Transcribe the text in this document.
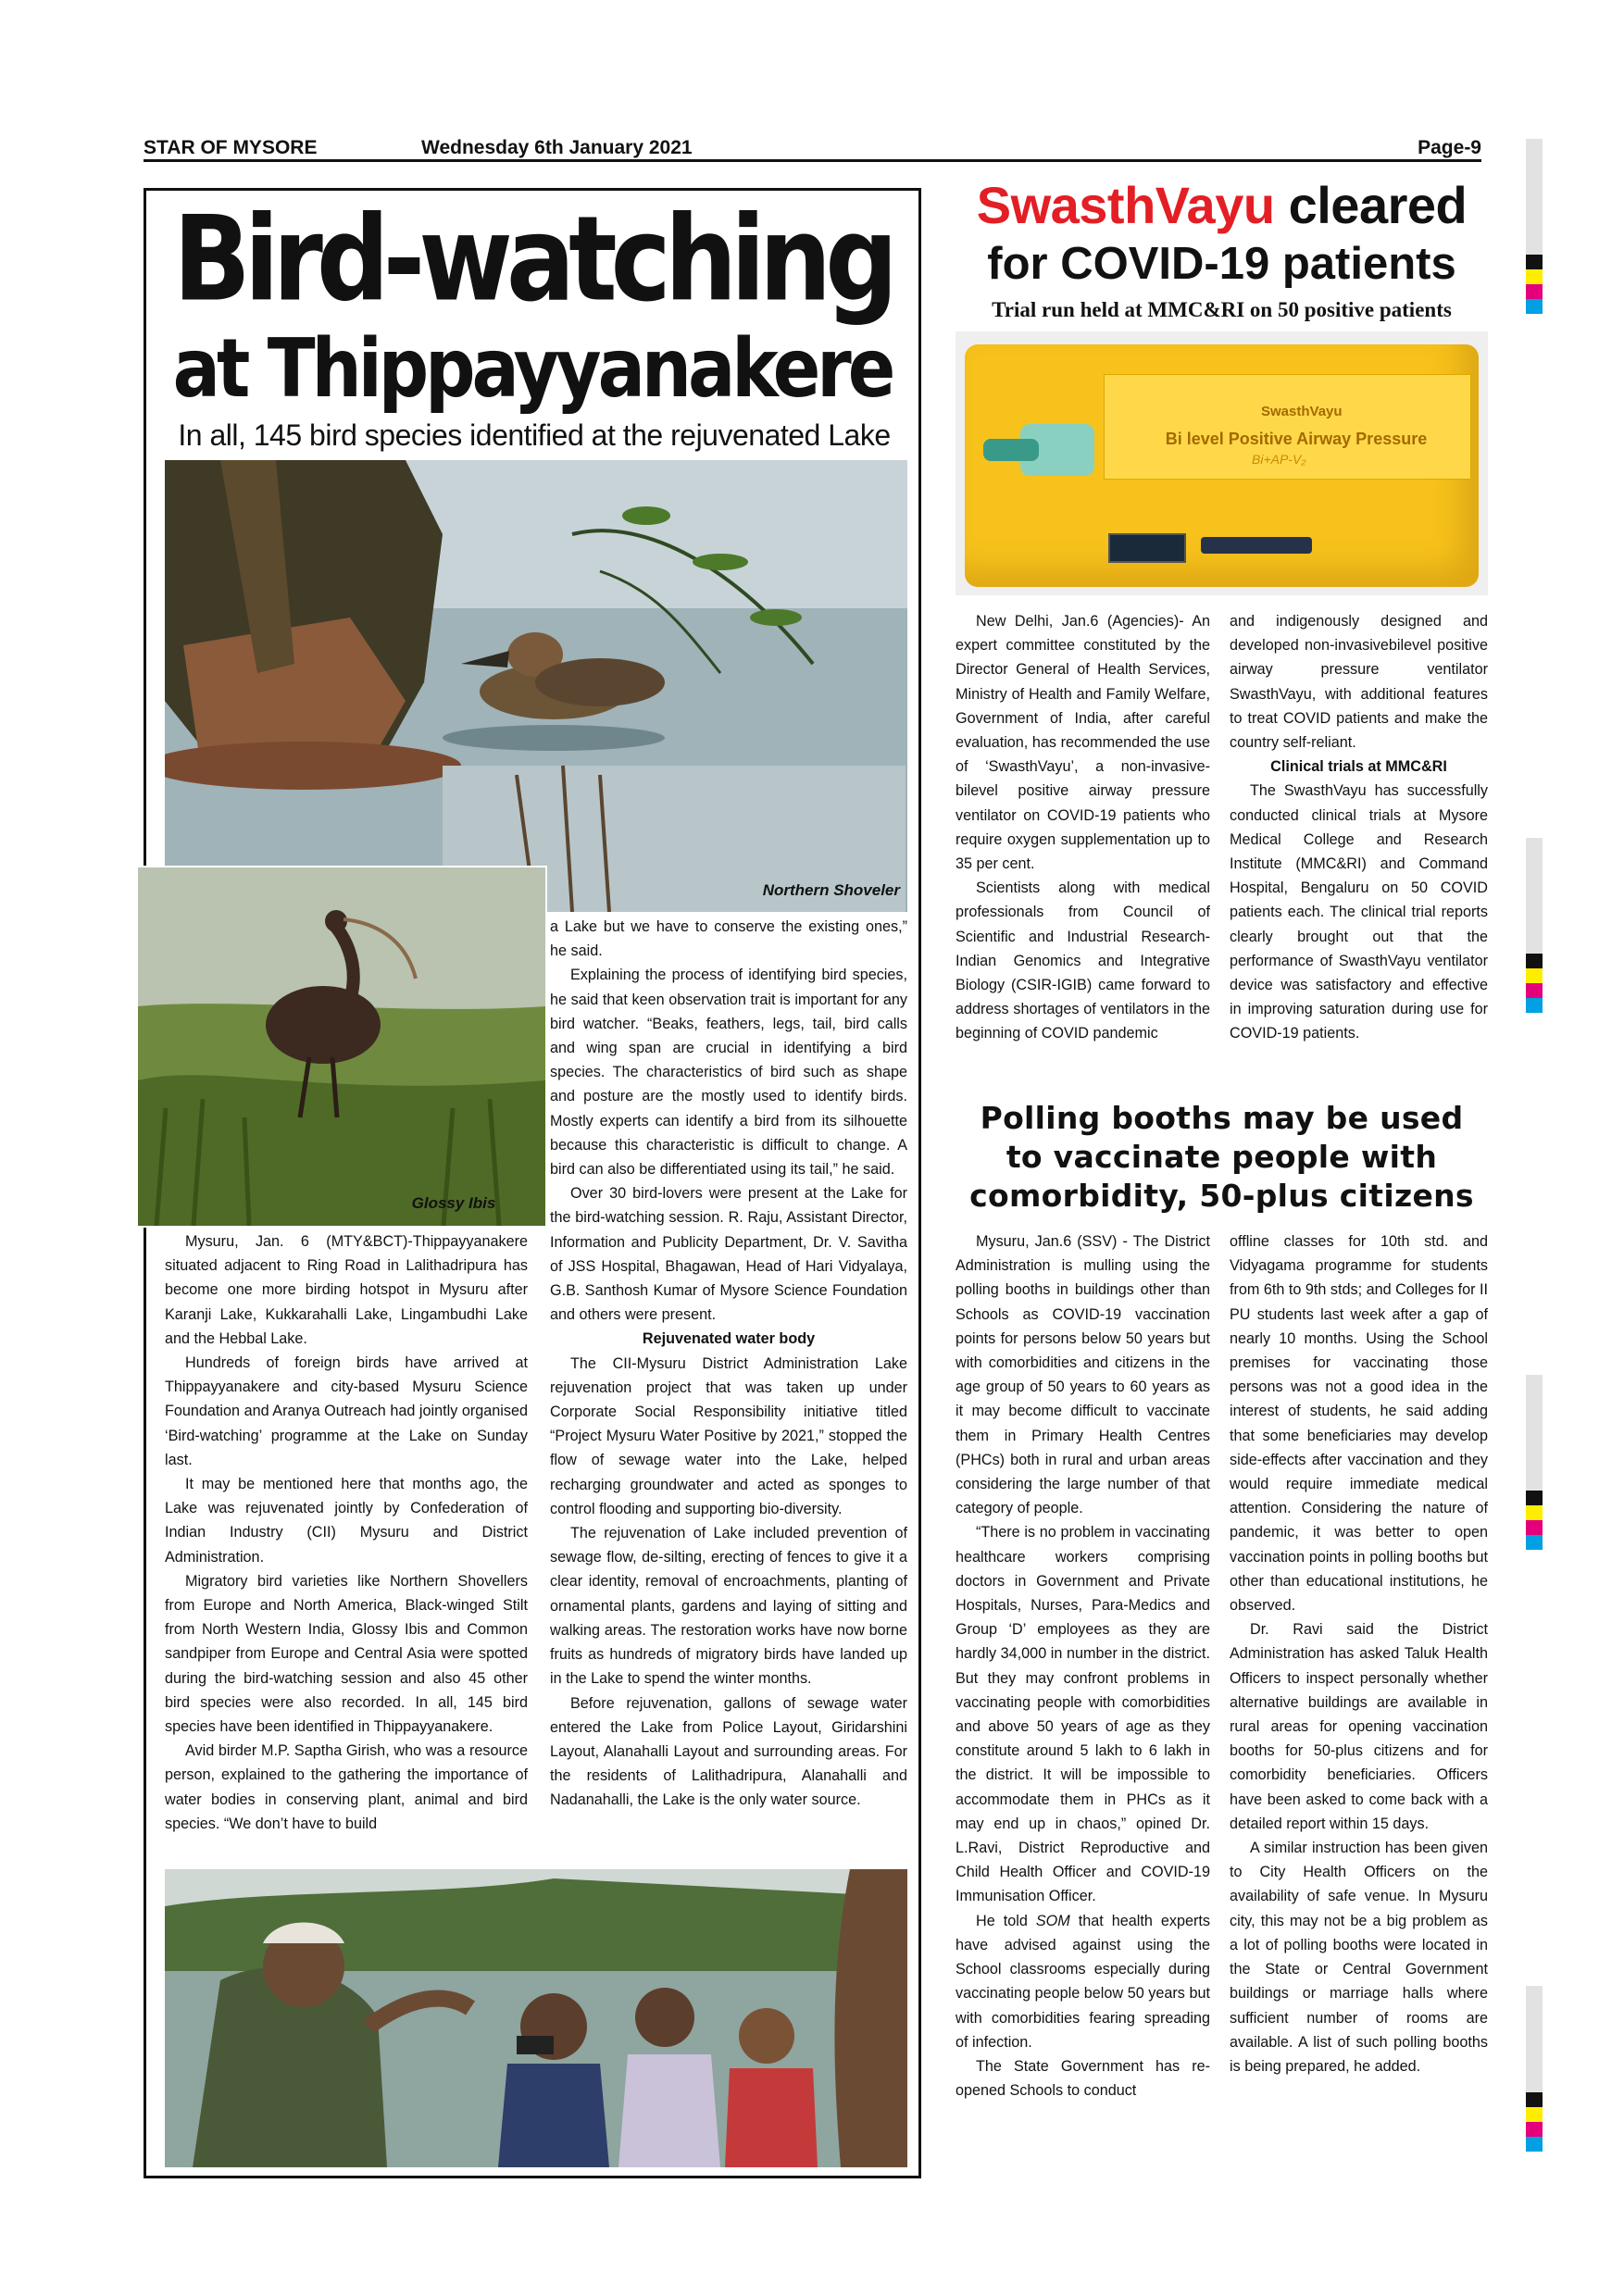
STAR OF MYSORE	Wednesday 6th January 2021	Page-9
Bird-watching
at Thippayyanakere
In all, 145 bird species identified at the rejuvenated Lake
Northern Shoveler
Glossy Ibis

Mysuru, Jan. 6 (MTY&BCT)-Thippayyanakere situated adjacent to Ring Road in Lalithadripura has become one more birding hotspot in Mysuru after Karanji Lake, Kukkarahalli Lake, Lingambudhi Lake and the Hebbal Lake.

Hundreds of foreign birds have arrived at Thippayyanakere and city-based Mysuru Science Foundation and Aranya Outreach had jointly organised ‘Bird-watching’ programme at the Lake on Sunday last.

It may be mentioned here that months ago, the Lake was rejuvenated jointly by Confederation of Indian Industry (CII) Mysuru and District Administration.

Migratory bird varieties like Northern Shovellers from Europe and North America, Black-winged Stilt from North Western India, Glossy Ibis and Common sandpiper from Europe and Central Asia were spotted during the bird-watching session and also 45 other bird species were also recorded. In all, 145 bird species have been identified in Thippayyanakere.

Avid birder M.P. Saptha Girish, who was a resource person, explained to the gathering the importance of water bodies in conserving plant, animal and bird species. “We don’t have to build

a Lake but we have to conserve the existing ones,” he said.

Explaining the process of identifying bird species, he said that keen observation trait is important for any bird watcher. “Beaks, feathers, legs, tail, bird calls and wing span are crucial in identifying a bird species. The characteristics of bird such as shape and posture are the mostly used to identify birds. Mostly experts can identify a bird from its silhouette because this characteristic is difficult to change. A bird can also be differentiated using its tail,” he said.

Over 30 bird-lovers were present at the Lake for the bird-watching session. R. Raju, Assistant Director, Information and Publicity Department, Dr. V. Savitha of JSS Hospital, Bhagawan, Head of Hari Vidyalaya, G.B. Santhosh Kumar of Mysore Science Foundation and others were present.

Rejuvenated water body

The CII-Mysuru District Administration Lake rejuvenation project that was taken up under Corporate Social Responsibility initiative titled “Project Mysuru Water Positive by 2021,” stopped the flow of sewage water into the Lake, helped recharging groundwater and acted as sponges to control flooding and supporting bio-diversity.

The rejuvenation of Lake included prevention of sewage flow, de-silting, erecting of fences to give it a clear identity, removal of encroachments, planting of ornamental plants, gardens and laying of sitting and walking areas. The restoration works have now borne fruits as hundreds of migratory birds have landed up in the Lake to spend the winter months.

Before rejuvenation, gallons of sewage water entered the Lake from Police Layout, Giridarshini Layout, Alanahalli Layout and surrounding areas. For the residents of Lalithadripura, Alanahalli and Nadanahalli, the Lake is the only water source.

SwasthVayu cleared
for COVID-19 patients
Trial run held at MMC&RI on 50 positive patients
SwasthVayu
Bi level Positive Airway Pressure
Bi+AP-V₂

New Delhi, Jan.6 (Agencies)- An expert committee constituted by the Director General of Health Services, Ministry of Health and Family Welfare, Government of India, after careful evaluation, has recommended the use of ‘SwasthVayu’, a non-invasive-bilevel positive airway pressure ventilator on COVID-19 patients who require oxygen supplementation up to 35 per cent.

Scientists along with medical professionals from Council of Scientific and Industrial Research-Indian Genomics and Integrative Biology (CSIR-IGIB) came forward to address shortages of ventilators in the beginning of COVID pandemic

and indigenously designed and developed non-invasivebilevel positive airway pressure ventilator SwasthVayu, with additional features to treat COVID patients and make the country self-reliant.

Clinical trials at MMC&RI

The SwasthVayu has successfully conducted clinical trials at Mysore Medical College and Research Institute (MMC&RI) and Command Hospital, Bengaluru on 50 COVID patients each. The clinical trial reports clearly brought out that the performance of SwasthVayu ventilator device was satisfactory and effective in improving saturation during use for COVID-19 patients.

Polling booths may be used
to vaccinate people with
comorbidity, 50-plus citizens

Mysuru, Jan.6 (SSV) - The District Administration is mulling using the polling booths in buildings other than Schools as COVID-19 vaccination points for persons below 50 years but with comorbidities and citizens in the age group of 50 years to 60 years as it may become difficult to vaccinate them in Primary Health Centres (PHCs) both in rural and urban areas considering the large number of that category of people.

“There is no problem in vaccinating healthcare workers comprising doctors in Government and Private Hospitals, Nurses, Para-Medics and Group ‘D’ employees as they are hardly 34,000 in number in the district. But they may confront problems in vaccinating people with comorbidities and above 50 years of age as they constitute around 5 lakh to 6 lakh in the district. It will be impossible to accommodate them in PHCs as it may end up in chaos,” opined Dr. L.Ravi, District Reproductive and Child Health Officer and COVID-19 Immunisation Officer.

He told SOM that health experts have advised against using the School classrooms especially during vaccinating people below 50 years but with comorbidities fearing spreading of infection.

The State Government has re-opened Schools to conduct

offline classes for 10th std. and Vidyagama programme for students from 6th to 9th stds; and Colleges for II PU students last week after a gap of nearly 10 months. Using the School premises for vaccinating those persons was not a good idea in the interest of students, he said adding that some beneficiaries may develop side-effects after vaccination and they would require immediate medical attention. Considering the nature of pandemic, it was better to open vaccination points in polling booths but other than educational institutions, he observed.

Dr. Ravi said the District Administration has asked Taluk Health Officers to inspect personally whether alternative buildings are available in rural areas for opening vaccination booths for 50-plus citizens and for comorbidity beneficiaries. Officers have been asked to come back with a detailed report within 15 days.

A similar instruction has been given to City Health Officers on the availability of safe venue. In Mysuru city, this may not be a big problem as a lot of polling booths were located in the State or Central Government buildings or marriage halls where sufficient number of rooms are available. A list of such polling booths is being prepared, he added.
